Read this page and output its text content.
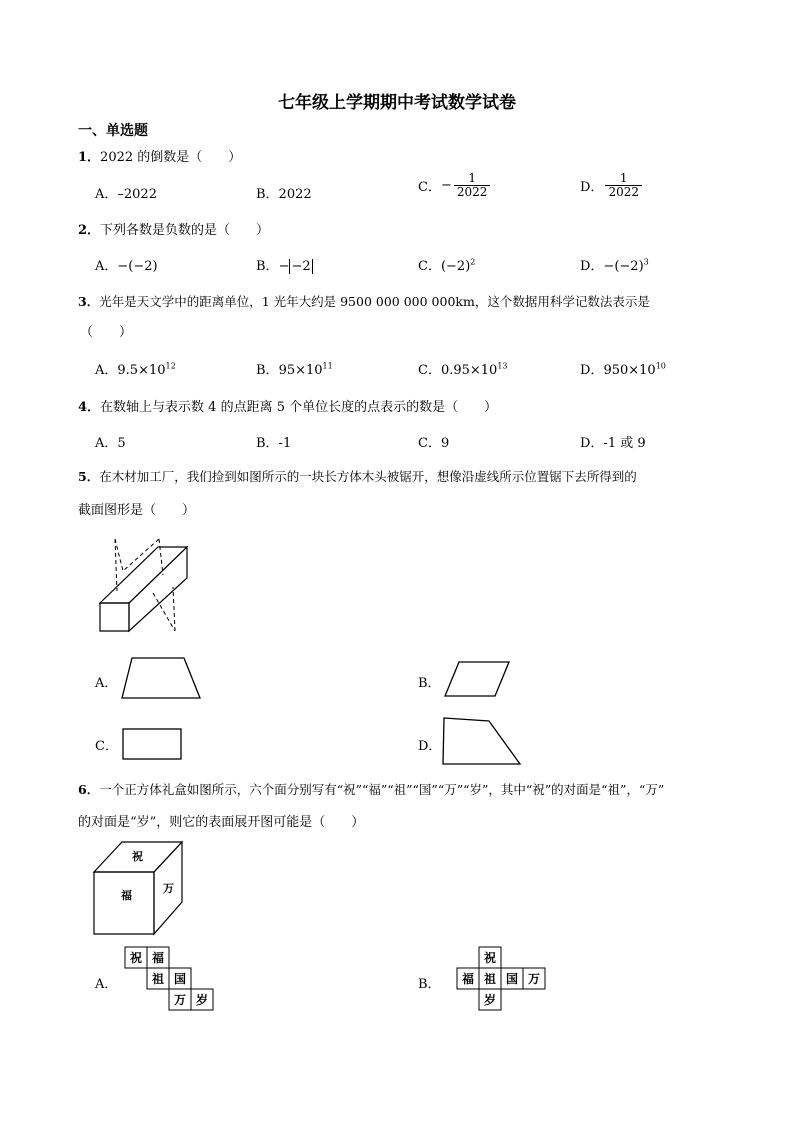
七年级上学期期中考试数学试卷
一、单选题
1．2022 的倒数是（　　）
A．–2022	B．2022	C．− $\frac{1}{2022}$	D． $\frac{1}{2022}$
2．下列各数是负数的是（　　）
A．−(−2)	B．− −2	C．$(-2)^2$	D．$-(-2)^3$
3．光年是天文学中的距离单位，1 光年大约是 9500 000 000 000km，这个数据用科学记数法表示是
（　　）
A．$9.5\times 10^{12}$	B．$95\times 10^{11}$	C．$0.95\times 10^{13}$	D．$950\times 10^{10}$
4．在数轴上与表示数 4 的点距离 5 个单位长度的点表示的数是（　　）
A．5	B．-1	C．9	D．-1 或 9
5．在木材加工厂，我们捡到如图所示的一块长方体木头被锯开，想像沿虚线所示位置锯下去所得到的
截面图形是（　　）
A．	B．
C．	D．
6．一个正方体礼盒如图所示，六个面分别写有“祝”“福”“祖”“国”“万”“岁”，其中“祝”的对面是“祖”，“万”
的对面是“岁”，则它的表面展开图可能是（　　）
祝
福
万
A．
祝 福
祖 国
万 岁
B．
祝
福 祖 国 万
岁
